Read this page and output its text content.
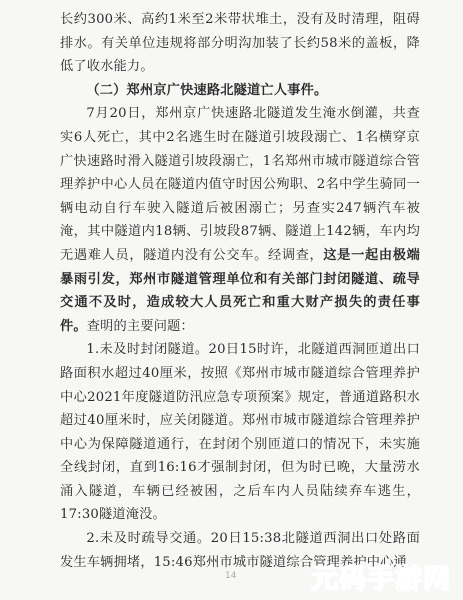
长约300米、高约1米至2米带状堆土，没有及时清理，阻碍排水。有关单位违规将部分明沟加装了长约58米的盖板，降低了收水能力。

（二）郑州京广快速路北隧道亡人事件。

7月20日，郑州京广快速路北隧道发生淹水倒灌，共查实6人死亡，其中2名逃生时在隧道引坡段溺亡、1名横穿京广快速路时滑入隧道引坡段溺亡，1名郑州市城市隧道综合管理养护中心人员在隧道内值守时因公殉职、2名中学生骑同一辆电动自行车驶入隧道后被困溺亡；另查实247辆汽车被淹，其中隧道内18辆、引坡段87辆、隧道上142辆，车内均无遇难人员，隧道内没有公交车。经调查，这是一起由极端暴雨引发，郑州市隧道管理单位和有关部门封闭隧道、疏导交通不及时，造成较大人员死亡和重大财产损失的责任事件。查明的主要问题：

1.未及时封闭隧道。20日15时许，北隧道西洞匝道出口路面积水超过40厘米，按照《郑州市城市隧道综合管理养护中心2021年度隧道防汛应急专项预案》规定，普通道路积水超过40厘米时，应关闭隧道。郑州市城市隧道综合管理养护中心为保障隧道通行，在封闭个别匝道口的情况下，未实施全线封闭，直到16:16才强制封闭，但为时已晚，大量涝水涌入隧道，车辆已经被困，之后车内人员陆续弃车逃生，17:30隧道淹没。

2.未及时疏导交通。20日15:38北隧道西洞出口处路面发生车辆拥堵，15:46郑州市城市隧道综合管理养护中心通

14	元码手游网
